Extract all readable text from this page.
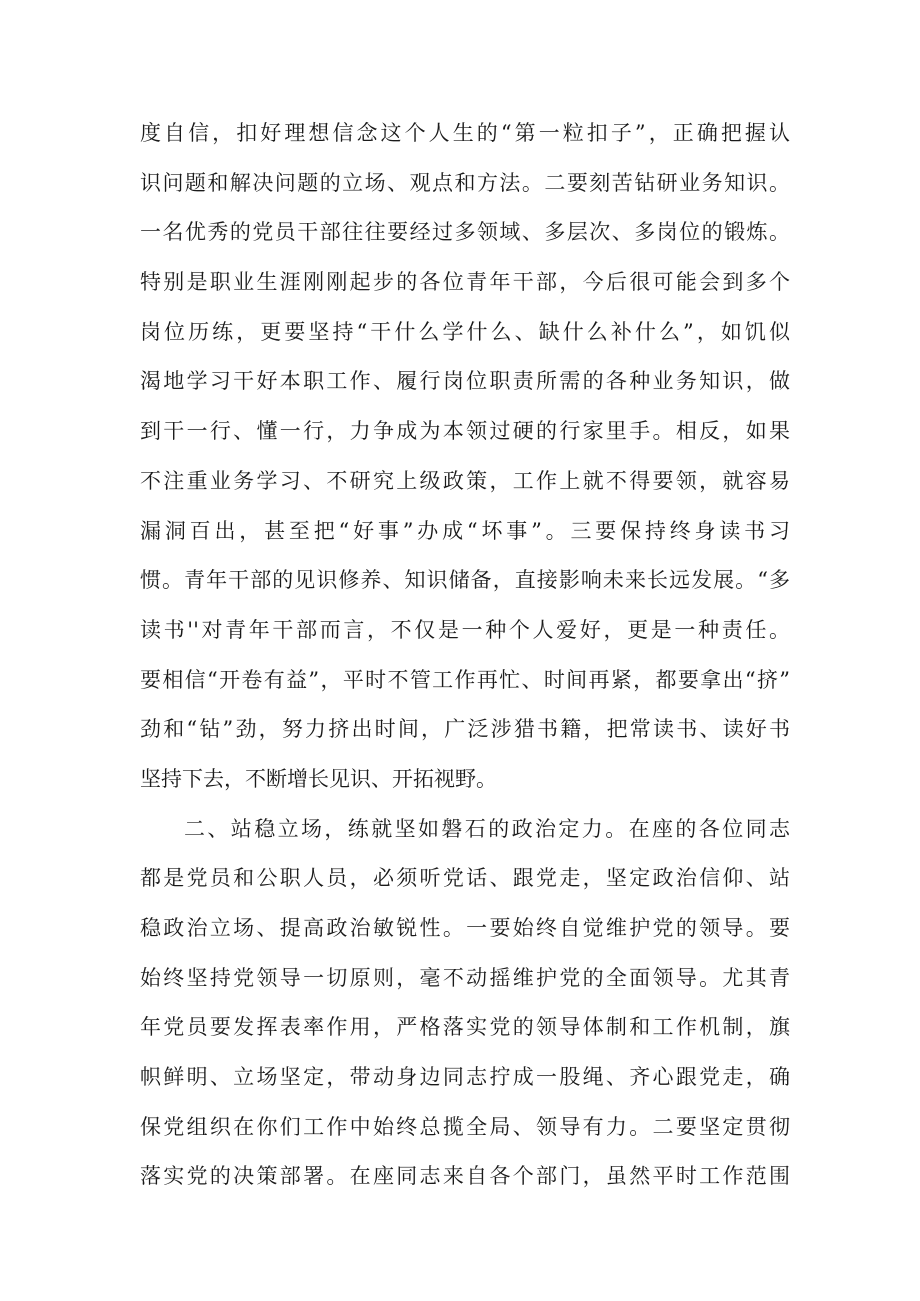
度自信，扣好理想信念这个人生的“第一粒扣子”，正确把握认
识问题和解决问题的立场、观点和方法。二要刻苦钻研业务知识。
一名优秀的党员干部往往要经过多领域、多层次、多岗位的锻炼。
特别是职业生涯刚刚起步的各位青年干部，今后很可能会到多个
岗位历练，更要坚持“干什么学什么、缺什么补什么”，如饥似
渴地学习干好本职工作、履行岗位职责所需的各种业务知识，做
到干一行、懂一行，力争成为本领过硬的行家里手。相反，如果
不注重业务学习、不研究上级政策，工作上就不得要领，就容易
漏洞百出，甚至把“好事”办成“坏事”。三要保持终身读书习
惯。青年干部的见识修养、知识储备，直接影响未来长远发展。“多
读书''对青年干部而言，不仅是一种个人爱好，更是一种责任。
要相信“开卷有益”，平时不管工作再忙、时间再紧，都要拿出“挤”
劲和“钻”劲，努力挤出时间，广泛涉猎书籍，把常读书、读好书
坚持下去，不断增长见识、开拓视野。
二、站稳立场，练就坚如磐石的政治定力。在座的各位同志
都是党员和公职人员，必须听党话、跟党走，坚定政治信仰、站
稳政治立场、提高政治敏锐性。一要始终自觉维护党的领导。要
始终坚持党领导一切原则，毫不动摇维护党的全面领导。尤其青
年党员要发挥表率作用，严格落实党的领导体制和工作机制，旗
帜鲜明、立场坚定，带动身边同志拧成一股绳、齐心跟党走，确
保党组织在你们工作中始终总揽全局、领导有力。二要坚定贯彻
落实党的决策部署。在座同志来自各个部门，虽然平时工作范围
